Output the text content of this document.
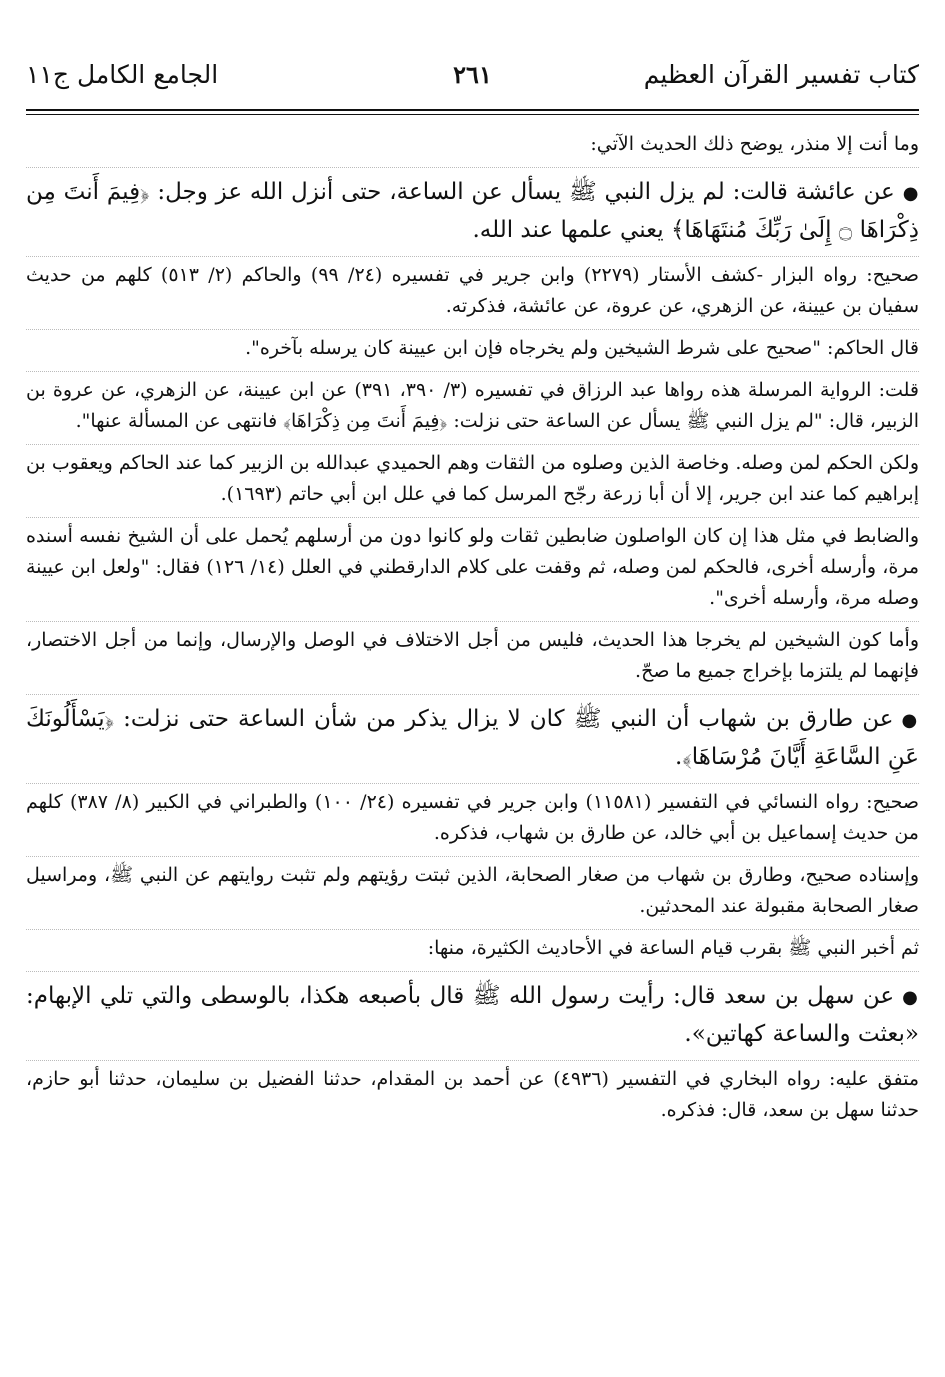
كتاب تفسير القرآن العظيم
٢٦١
الجامع الكامل ج١١
وما أنت إلا منذر، يوضح ذلك الحديث الآتي:
●عن عائشة قالت: لم يزل النبي ﷺ يسأل عن الساعة، حتى أنزل الله عز وجل: ﴿فِيمَ أَنتَ مِن ذِكْرَاهَا ۝ إِلَىٰ رَبِّكَ مُنتَهَاهَا﴾ يعني علمها عند الله.
صحيح: رواه البزار -كشف الأستار (٢٢٧٩) وابن جرير في تفسيره (٢٤/ ٩٩) والحاكم (٢/ ٥١٣) كلهم من حديث سفيان بن عيينة، عن الزهري، عن عروة، عن عائشة، فذكرته.
قال الحاكم: "صحيح على شرط الشيخين ولم يخرجاه فإن ابن عيينة كان يرسله بآخره".
قلت: الرواية المرسلة هذه رواها عبد الرزاق في تفسيره (٣/ ٣٩٠، ٣٩١) عن ابن عيينة، عن الزهري، عن عروة بن الزبير، قال: "لم يزل النبي ﷺ يسأل عن الساعة حتى نزلت: ﴿فِيمَ أَنتَ مِن ذِكْرَاهَا﴾ فانتهى عن المسألة عنها".
ولكن الحكم لمن وصله. وخاصة الذين وصلوه من الثقات وهم الحميدي عبدالله بن الزبير كما عند الحاكم ويعقوب بن إبراهيم كما عند ابن جرير، إلا أن أبا زرعة رجّح المرسل كما في علل ابن أبي حاتم (١٦٩٣).
والضابط في مثل هذا إن كان الواصلون ضابطين ثقات ولو كانوا دون من أرسلهم يُحمل على أن الشيخ نفسه أسنده مرة، وأرسله أخرى، فالحكم لمن وصله، ثم وقفت على كلام الدارقطني في العلل (١٤/ ١٢٦) فقال: "ولعل ابن عيينة وصله مرة، وأرسله أخرى".
وأما كون الشيخين لم يخرجا هذا الحديث، فليس من أجل الاختلاف في الوصل والإرسال، وإنما من أجل الاختصار، فإنهما لم يلتزما بإخراج جميع ما صحّ.
●عن طارق بن شهاب أن النبي ﷺ كان لا يزال يذكر من شأن الساعة حتى نزلت: ﴿يَسْأَلُونَكَ عَنِ السَّاعَةِ أَيَّانَ مُرْسَاهَا﴾.
صحيح: رواه النسائي في التفسير (١١٥٨١) وابن جرير في تفسيره (٢٤/ ١٠٠) والطبراني في الكبير (٨/ ٣٨٧) كلهم من حديث إسماعيل بن أبي خالد، عن طارق بن شهاب، فذكره.
وإسناده صحيح، وطارق بن شهاب من صغار الصحابة، الذين ثبتت رؤيتهم ولم تثبت روايتهم عن النبي ﷺ، ومراسيل صغار الصحابة مقبولة عند المحدثين.
ثم أخبر النبي ﷺ بقرب قيام الساعة في الأحاديث الكثيرة، منها:
●عن سهل بن سعد قال: رأيت رسول الله ﷺ قال بأصبعه هكذا، بالوسطى والتي تلي الإبهام: «بعثت والساعة كهاتين».
متفق عليه: رواه البخاري في التفسير (٤٩٣٦) عن أحمد بن المقدام، حدثنا الفضيل بن سليمان، حدثنا أبو حازم، حدثنا سهل بن سعد، قال: فذكره.
